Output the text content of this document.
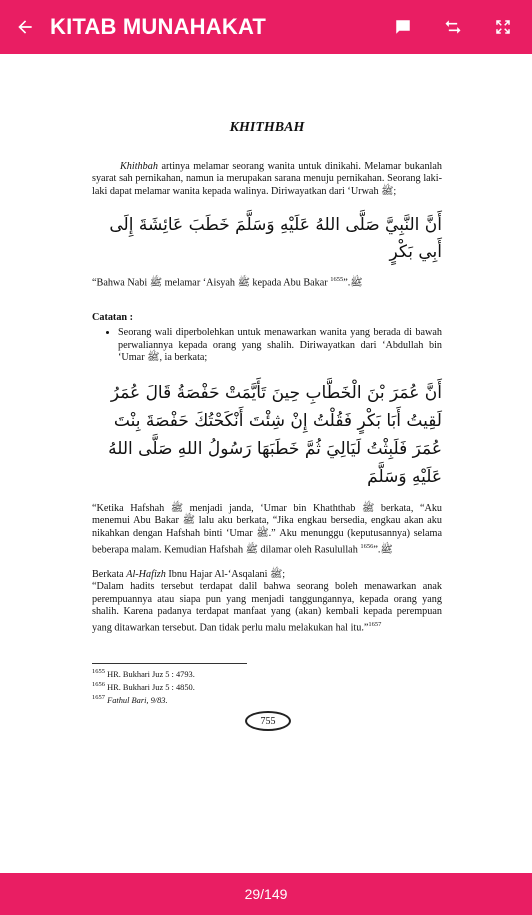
KITAB MUNAHAKAT
KHITHBAH

Khithbah artinya melamar seorang wanita untuk dinikahi. Melamar bukanlah syarat sah pernikahan, namun ia merupakan sarana menuju pernikahan. Seorang laki-laki dapat melamar wanita kepada walinya. Diriwayatkan dari ‘Urwah ﷺ;

أَنَّ النَّبِيَّ صَلَّى اللهُ عَلَيْهِ وَسَلَّمَ خَطَبَ عَائِشَةَ إِلَى أَبِي بَكْرٍ

“Bahwa Nabi ﷺ melamar ‘Aisyah ﷺ kepada Abu Bakar ﷺ.”$^{1655}$

Catatan :

• Seorang wali diperbolehkan untuk menawarkan wanita yang berada di bawah perwaliannya kepada orang yang shalih. Diriwayatkan dari ‘Abdullah bin ‘Umar ﷺ, ia berkata;
أَنَّ عُمَرَ بْنَ الْخَطَّابِ حِينَ تَأَيَّمَتْ حَفْصَةُ قَالَ عُمَرُ لَقِيتُ أَبَا بَكْرٍ فَقُلْتُ إِنْ شِئْتَ أَنْكَحْتُكَ حَفْصَةَ بِنْتَ عُمَرَ فَلَبِثْتُ لَيَالِيَ ثُمَّ خَطَبَهَا رَسُولُ اللهِ صَلَّى اللهُ عَلَيْهِ وَسَلَّمَ

“Ketika Hafshah ﷺ menjadi janda, ‘Umar bin Khaththab ﷺ berkata, “Aku menemui Abu Bakar ﷺ lalu aku berkata, “Jika engkau bersedia, engkau akan aku nikahkan dengan Hafshah binti ‘Umar ﷺ.” Aku menunggu (keputusannya) selama beberapa malam. Kemudian Hafshah ﷺ dilamar oleh Rasulullah ﷺ.”$^{1656}$

Berkata Al-Hafizh Ibnu Hajar Al-‘Asqalani ﷺ;

“Dalam hadits tersebut terdapat dalil bahwa seorang boleh menawarkan anak perempuannya atau siapa pun yang menjadi tanggungannya, kepada orang yang shalih. Karena padanya terdapat manfaat yang (akan) kembali kepada perempuan yang ditawarkan tersebut. Dan tidak perlu malu melakukan hal itu.”$^{1657}$

$^{1655}$ HR. Bukhari Juz 5 : 4793.

$^{1656}$ HR. Bukhari Juz 5 : 4850.

$^{1657}$ Fathul Bari, 9/83.

755
29/149
